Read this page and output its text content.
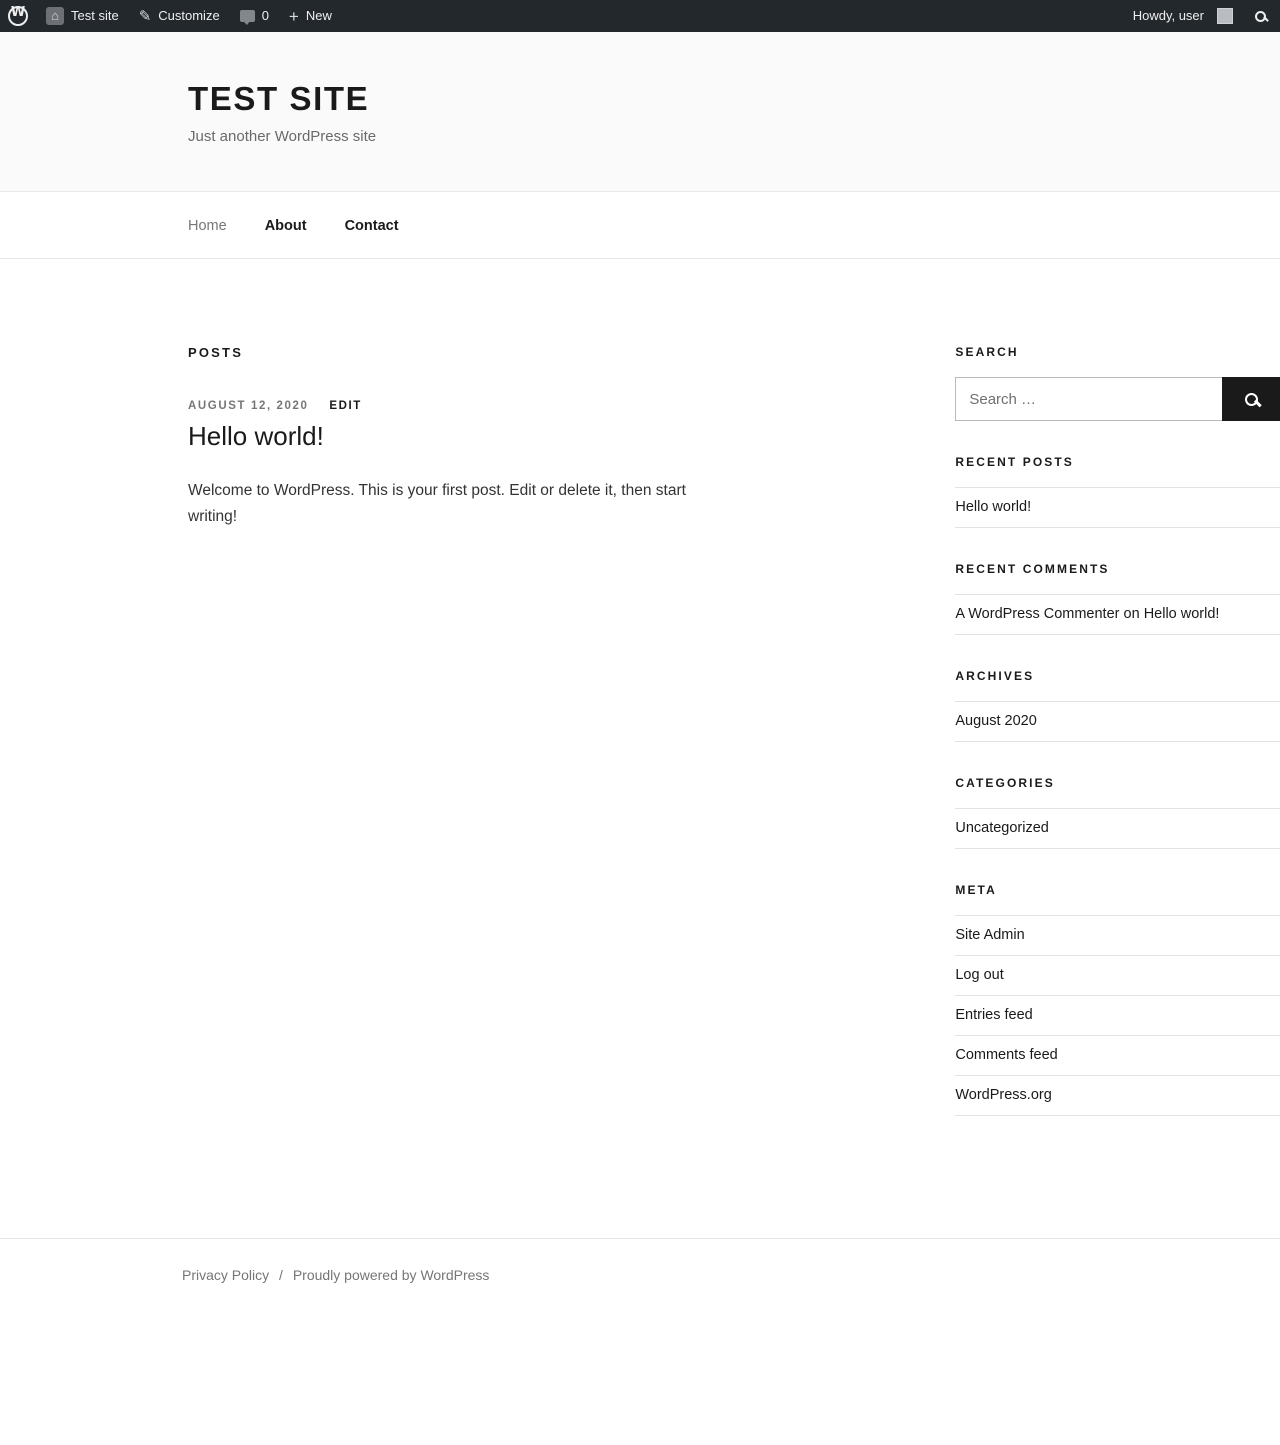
W
⌂
Test site ✎ Customize	0 + New	Howdy, user
TEST SITE

Just another WordPress site

Home	About	Contact
POSTS
AUGUST 12, 2020 EDIT
Hello world!

Welcome to WordPress. This is your first post. Edit or delete it, then start writing!

SEARCH
Search …
RECENT POSTS
Hello world!
RECENT COMMENTS
A WordPress Commenter on Hello world!
ARCHIVES
August 2020
CATEGORIES
Uncategorized
META
Site Admin
Log out
Entries feed
Comments feed
WordPress.org
Privacy Policy / Proudly powered by WordPress
